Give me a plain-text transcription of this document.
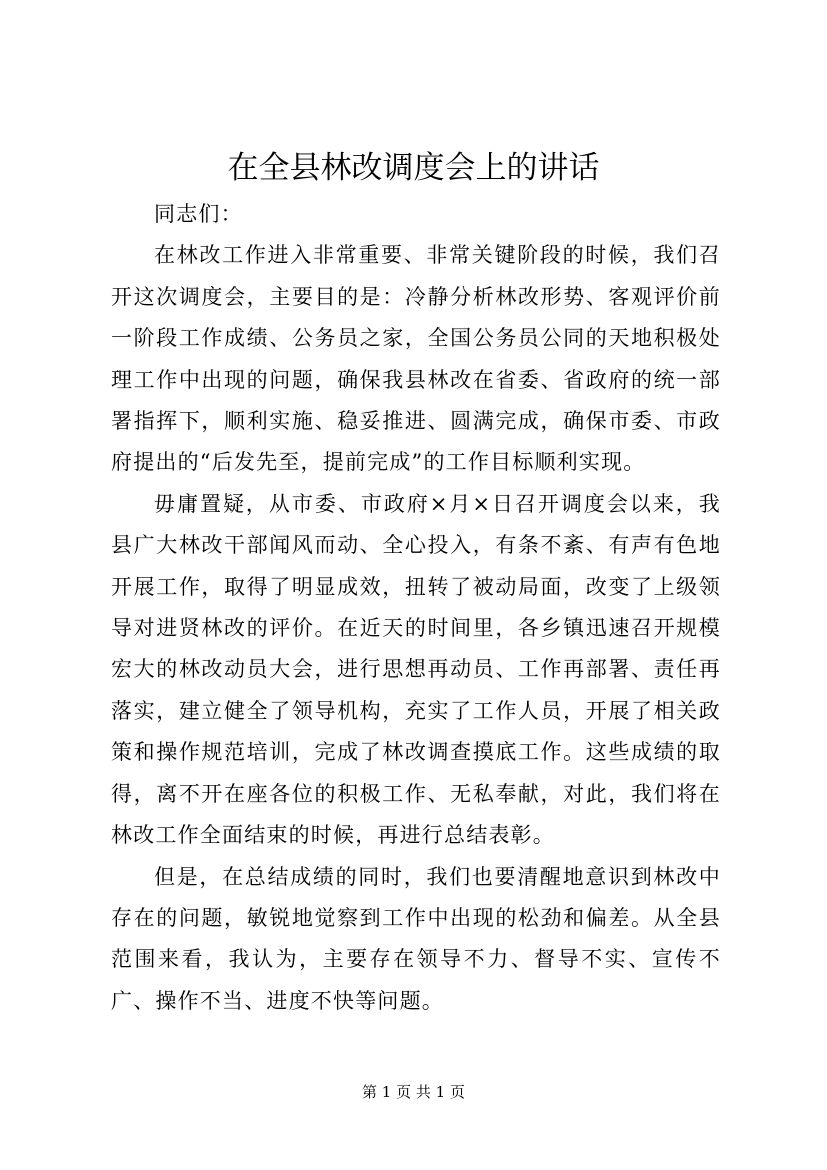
在全县林改调度会上的讲话

同志们：

在林改工作进入非常重要、非常关键阶段的时候，我们召开这次调度会，主要目的是：冷静分析林改形势、客观评价前一阶段工作成绩、公务员之家，全国公务员公同的天地积极处理工作中出现的问题，确保我县林改在省委、省政府的统一部署指挥下，顺利实施、稳妥推进、圆满完成，确保市委、市政府提出的“后发先至，提前完成”的工作目标顺利实现。

毋庸置疑，从市委、市政府×月×日召开调度会以来，我县广大林改干部闻风而动、全心投入，有条不紊、有声有色地开展工作，取得了明显成效，扭转了被动局面，改变了上级领导对进贤林改的评价。在近天的时间里，各乡镇迅速召开规模宏大的林改动员大会，进行思想再动员、工作再部署、责任再落实，建立健全了领导机构，充实了工作人员，开展了相关政策和操作规范培训，完成了林改调查摸底工作。这些成绩的取得，离不开在座各位的积极工作、无私奉献，对此，我们将在林改工作全面结束的时候，再进行总结表彰。

但是，在总结成绩的同时，我们也要清醒地意识到林改中存在的问题，敏锐地觉察到工作中出现的松劲和偏差。从全县范围来看，我认为，主要存在领导不力、督导不实、宣传不广、操作不当、进度不快等问题。

第 1 页 共 1 页
